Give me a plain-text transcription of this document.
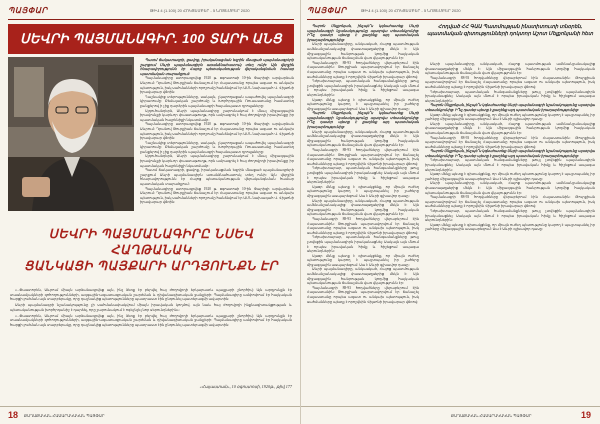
ՊԱՅՓԱՐ	ԹԻՎ 4 (1.100) 20 ՀՈԿՏԵՄԲԵՐ - 5 ՆՈՅԵՄԲԵՐ 2020
ՍԵՎՐԻ ՊԱՅՄԱՆԱԳԻՐ. 100 ՏԱՐԻ ԱՆՑ

Պատմ ճակատագրի, ցավոք, իրականացման եզրին մնացած պայմանագրերի շարքում Սևրի պայմանագիրն առանձնահատուկ տեղ ունի: Այն վերջին հնարավորությունն էր Հայոց պետականության վերականգնման համար պատմական տարածքում:

Պայմանագիրը ստորագրվեց 1920 թ. օգոստոսի 10-ին Փարիզի արվարձան Սևրում: Դրանով Թուրքիան ճանաչում էր Հայաստանը որպես ազատ ու անկախ պետություն, իսկ սահմանների որոշումը հանձնվում էր ԱՄՆ նախագահ Վ. Վիլսոնի իրավարար վճռին:

Դաշնակից տերությունները, սակայն, չկարողացան ապահովել պայմանագրի կիրառումը: Քեմալական շարժումը և Խորհրդային Ռուսաստանը համատեղ ջանքերով ի չիք դարձրին պայմանագրի հայանպաստ դրույթները:

Այդուհանդերձ, Սևրի պայմանագիրը շարունակում է մնալ միջազգային իրավունքի կարևոր փաստաթուղթ, որն ամրագրել է հայ ժողովրդի իրավունքը իր պատմական հայրենիքի նկատմամբ:

Պայմանագիրը ստորագրվեց 1920 թ. օգոստոսի 10-ին Փարիզի արվարձան Սևրում: Դրանով Թուրքիան ճանաչում էր Հայաստանը որպես ազատ ու անկախ պետություն, իսկ սահմանների որոշումը հանձնվում էր ԱՄՆ նախագահ Վ. Վիլսոնի իրավարար վճռին:

Դաշնակից տերությունները, սակայն, չկարողացան ապահովել պայմանագրի կիրառումը: Քեմալական շարժումը և Խորհրդային Ռուսաստանը համատեղ ջանքերով ի չիք դարձրին պայմանագրի հայանպաստ դրույթները:

Այդուհանդերձ, Սևրի պայմանագիրը շարունակում է մնալ միջազգային իրավունքի կարևոր փաստաթուղթ, որն ամրագրել է հայ ժողովրդի իրավունքը իր պատմական հայրենիքի նկատմամբ:

Պատմ ճակատագրի, ցավոք, իրականացման եզրին մնացած պայմանագրերի շարքում Սևրի պայմանագիրն առանձնահատուկ տեղ ունի: Այն վերջին հնարավորությունն էր Հայոց պետականության վերականգնման համար պատմական տարածքում:

Պայմանագիրը ստորագրվեց 1920 թ. օգոստոսի 10-ին Փարիզի արվարձան Սևրում: Դրանով Թուրքիան ճանաչում էր Հայաստանը որպես ազատ ու անկախ պետություն, իսկ սահմանների որոշումը հանձնվում էր ԱՄՆ նախագահ Վ. Վիլսոնի իրավարար վճռին:

ՍԵՎՐԻ ՊԱՅՄԱՆԱԳԻՐԸ ՆՍԵՎ ՀԱՂԹԱՆԱԿ
ՑԱՆԿԱՑԻ ՊԱՅՔԱՐԻ ԱՐԴՅՈՒՆՔՆ ԷՐ

«...Փաստորեն, Սևրում միայն արձանագրվեց այն, ինչ ձեռք էր բերվել հայ ժողովրդի երկարատև պայքարի շնորհիվ: Այն արդյունքն էր տասնամյակների զոհողությունների, ազգային-ազատագրական շարժման և դիվանագիտական ջանքերի: Պայմանագիրը ամփոփում էր հայկական հարցի լուծման այն տարբերակը, որը դաշնակից պետությունները պատրաստ էին ընդունել պատերազմի ավարտին:

Սևրի պայմանագրի նշանակությունը չի սահմանափակվում միայն իրավական կողմով. այն նաև հայ ժողովրդի ինքնագիտակցության և պետականության խորհրդանիշ է դարձել, որը շարունակում է ոգեշնչել նոր սերունդներին»:

«...Փաստորեն, Սևրում միայն արձանագրվեց այն, ինչ ձեռք էր բերվել հայ ժողովրդի երկարատև պայքարի շնորհիվ: Այն արդյունքն էր տասնամյակների զոհողությունների, ազգային-ազատագրական շարժման և դիվանագիտական ջանքերի: Պայմանագիրը ամփոփում էր հայկական հարցի լուծման այն տարբերակը, որը դաշնակից պետությունները պատրաստ էին ընդունել պատերազմի ավարտին:

«Հայաստան», 10 օգոստոսի, 1920թ., թիվ 177
18 ՔԱՂԱՔԱԿԱՆ-ՀԱՍԱՐԱԿԱԿԱՆ ՊԱՅՓԱՐ
ՊԱՅՓԱՐ	ԹԻՎ 4 (1.100) 20 ՀՈԿՏԵՄԲԵՐ - 5 ՆՈՅԵՄԲԵՐ 2020
Հոդված ՀՀ ԳԱԱ Պատմության ինստիտուտի տնօրեն, պատմական գիտությունների դոկտոր Աշոտ Մելքոնյանի հետ

Պարոն Մելքոնյան, ինչպե՞ս կգնահատեք Սևրի պայմանագրի նշանակությունը այսօրվա տեսանկյունից: Ի՞նչ դասեր պետք է քաղենք այդ պատմական իրադարձությունից:

Սևրի պայմանագիրը, անկասկած, Հայոց պատմության ամենանշանակալից փաստաթղթերից մեկն է: Այն միջազգային հանրության կողմից հայկական պետականության ճանաչման վառ վկայությունն էր:

Պայմանագրի 88-93 հոդվածները վերաբերում էին Հայաստանին: Թուրքիան պարտավորվում էր ճանաչել Հայաստանը որպես ազատ ու անկախ պետություն, իսկ սահմանները պետք է որոշվեին Վիլսոնի իրավարար վճռով:

Դժբախտաբար, պատմական հանգամանքները թույլ չտվեցին պայմանագիրն իրականացնել: Սակայն այն մնում է որպես իրավական հիմք և հիշեցում ապագա սերունդներին:

Այսօր մենք պետք է գիտակցենք, որ միայն ուժեղ պետությունը կարող է պաշտպանել իր շահերը միջազգային ասպարեզում: Սա է Սևրի գլխավոր դասը:

Պարոն Մելքոնյան, ինչպե՞ս կգնահատեք Սևրի պայմանագրի նշանակությունը այսօրվա տեսանկյունից: Ի՞նչ դասեր պետք է քաղենք այդ պատմական իրադարձությունից:

Սևրի պայմանագիրը, անկասկած, Հայոց պատմության ամենանշանակալից փաստաթղթերից մեկն է: Այն միջազգային հանրության կողմից հայկական պետականության ճանաչման վառ վկայությունն էր:

Պայմանագրի 88-93 հոդվածները վերաբերում էին Հայաստանին: Թուրքիան պարտավորվում էր ճանաչել Հայաստանը որպես ազատ ու անկախ պետություն, իսկ սահմանները պետք է որոշվեին Վիլսոնի իրավարար վճռով:

Դժբախտաբար, պատմական հանգամանքները թույլ չտվեցին պայմանագիրն իրականացնել: Սակայն այն մնում է որպես իրավական հիմք և հիշեցում ապագա սերունդներին:

Այսօր մենք պետք է գիտակցենք, որ միայն ուժեղ պետությունը կարող է պաշտպանել իր շահերը միջազգային ասպարեզում: Սա է Սևրի գլխավոր դասը:

Սևրի պայմանագիրը, անկասկած, Հայոց պատմության ամենանշանակալից փաստաթղթերից մեկն է: Այն միջազգային հանրության կողմից հայկական պետականության ճանաչման վառ վկայությունն էր:

Պայմանագրի 88-93 հոդվածները վերաբերում էին Հայաստանին: Թուրքիան պարտավորվում էր ճանաչել Հայաստանը որպես ազատ ու անկախ պետություն, իսկ սահմանները պետք է որոշվեին Վիլսոնի իրավարար վճռով:

Դժբախտաբար, պատմական հանգամանքները թույլ չտվեցին պայմանագիրն իրականացնել: Սակայն այն մնում է որպես իրավական հիմք և հիշեցում ապագա սերունդներին:

Այսօր մենք պետք է գիտակցենք, որ միայն ուժեղ պետությունը կարող է պաշտպանել իր շահերը միջազգային ասպարեզում: Սա է Սևրի գլխավոր դասը:

Սևրի պայմանագիրը, անկասկած, Հայոց պատմության ամենանշանակալից փաստաթղթերից մեկն է: Այն միջազգային հանրության կողմից հայկական պետականության ճանաչման վառ վկայությունն էր:

Պայմանագրի 88-93 հոդվածները վերաբերում էին Հայաստանին: Թուրքիան պարտավորվում էր ճանաչել Հայաստանը որպես ազատ ու անկախ պետություն, իսկ սահմանները պետք է որոշվեին Վիլսոնի իրավարար վճռով:

Սևրի պայմանագիրը, անկասկած, Հայոց պատմության ամենանշանակալից փաստաթղթերից մեկն է: Այն միջազգային հանրության կողմից հայկական պետականության ճանաչման վառ վկայությունն էր:

Պայմանագրի 88-93 հոդվածները վերաբերում էին Հայաստանին: Թուրքիան պարտավորվում էր ճանաչել Հայաստանը որպես ազատ ու անկախ պետություն, իսկ սահմանները պետք է որոշվեին Վիլսոնի իրավարար վճռով:

Դժբախտաբար, պատմական հանգամանքները թույլ չտվեցին պայմանագիրն իրականացնել: Սակայն այն մնում է որպես իրավական հիմք և հիշեցում ապագա սերունդներին:

Պարոն Մելքոնյան, ինչպե՞ս կգնահատեք Սևրի պայմանագրի նշանակությունը այսօրվա տեսանկյունից: Ի՞նչ դասեր պետք է քաղենք այդ պատմական իրադարձությունից:

Այսօր մենք պետք է գիտակցենք, որ միայն ուժեղ պետությունը կարող է պաշտպանել իր շահերը միջազգային ասպարեզում: Սա է Սևրի գլխավոր դասը:

Սևրի պայմանագիրը, անկասկած, Հայոց պատմության ամենանշանակալից փաստաթղթերից մեկն է: Այն միջազգային հանրության կողմից հայկական պետականության ճանաչման վառ վկայությունն էր:

Պայմանագրի 88-93 հոդվածները վերաբերում էին Հայաստանին: Թուրքիան պարտավորվում էր ճանաչել Հայաստանը որպես ազատ ու անկախ պետություն, իսկ սահմանները պետք է որոշվեին Վիլսոնի իրավարար վճռով:

Պարոն Մելքոնյան, ինչպե՞ս կգնահատեք Սևրի պայմանագրի նշանակությունը այսօրվա տեսանկյունից: Ի՞նչ դասեր պետք է քաղենք այդ պատմական իրադարձությունից:

Դժբախտաբար, պատմական հանգամանքները թույլ չտվեցին պայմանագիրն իրականացնել: Սակայն այն մնում է որպես իրավական հիմք և հիշեցում ապագա սերունդներին:

Այսօր մենք պետք է գիտակցենք, որ միայն ուժեղ պետությունը կարող է պաշտպանել իր շահերը միջազգային ասպարեզում: Սա է Սևրի գլխավոր դասը:

Սևրի պայմանագիրը, անկասկած, Հայոց պատմության ամենանշանակալից փաստաթղթերից մեկն է: Այն միջազգային հանրության կողմից հայկական պետականության ճանաչման վառ վկայությունն էր:

Պայմանագրի 88-93 հոդվածները վերաբերում էին Հայաստանին: Թուրքիան պարտավորվում էր ճանաչել Հայաստանը որպես ազատ ու անկախ պետություն, իսկ սահմանները պետք է որոշվեին Վիլսոնի իրավարար վճռով:

Դժբախտաբար, պատմական հանգամանքները թույլ չտվեցին պայմանագիրն իրականացնել: Սակայն այն մնում է որպես իրավական հիմք և հիշեցում ապագա սերունդներին:

Այսօր մենք պետք է գիտակցենք, որ միայն ուժեղ պետությունը կարող է պաշտպանել իր շահերը միջազգային ասպարեզում: Սա է Սևրի գլխավոր դասը:

ՔԱՂԱՔԱԿԱՆ-ՀԱՍԱՐԱԿԱԿԱՆ ՊԱՅՓԱՐ	19
